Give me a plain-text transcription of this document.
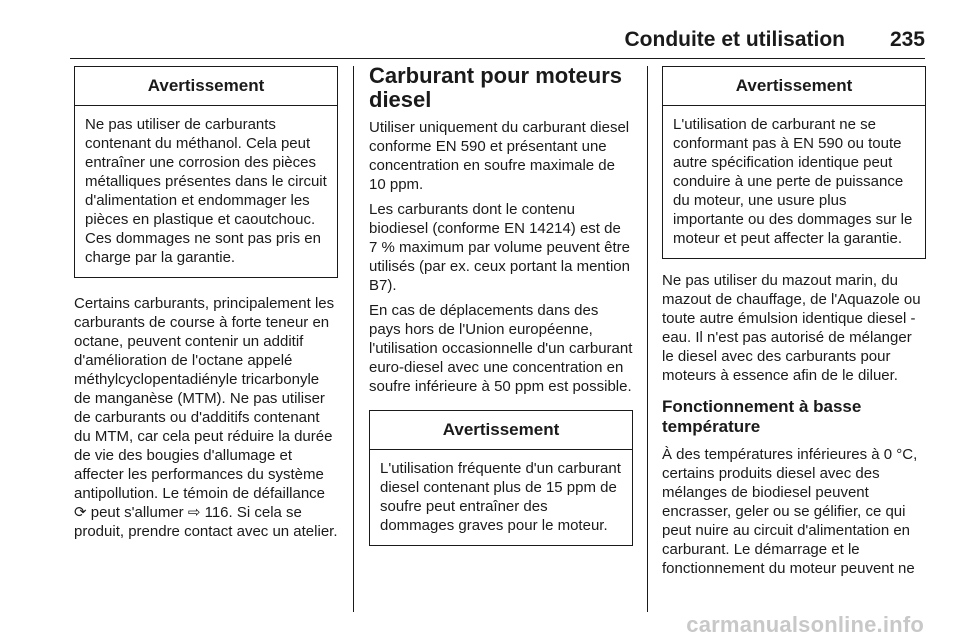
Conduite et utilisation 235
Avertissement
Ne pas utiliser de carburants contenant du méthanol. Cela peut entraîner une corrosion des pièces métalliques présentes dans le circuit d'alimentation et endommager les pièces en plastique et caoutchouc. Ces dommages ne sont pas pris en charge par la garantie.

Certains carburants, principalement les carburants de course à forte teneur en octane, peuvent contenir un additif d'amélioration de l'octane appelé méthylcyclopentadiényle tricarbonyle de manganèse (MTM). Ne pas utiliser de carburants ou d'additifs contenant du MTM, car cela peut réduire la durée de vie des bougies d'allumage et affecter les performances du système antipollution. Le témoin de défaillance ⟳ peut s'allumer ⇨ 116. Si cela se produit, prendre contact avec un atelier.

Carburant pour moteurs diesel

Utiliser uniquement du carburant diesel conforme EN 590 et présentant une concentration en soufre maximale de 10 ppm.

Les carburants dont le contenu biodiesel (conforme EN 14214) est de 7 % maximum par volume peuvent être utilisés (par ex. ceux portant la mention B7).

En cas de déplacements dans des pays hors de l'Union européenne, l'utilisation occasionnelle d'un carburant euro-diesel avec une concentration en soufre inférieure à 50 ppm est possible.

Avertissement
L'utilisation fréquente d'un carburant diesel contenant plus de 15 ppm de soufre peut entraîner des dommages graves pour le moteur.
Avertissement
L'utilisation de carburant ne se conformant pas à EN 590 ou toute autre spécification identique peut conduire à une perte de puissance du moteur, une usure plus importante ou des dommages sur le moteur et peut affecter la garantie.

Ne pas utiliser du mazout marin, du mazout de chauffage, de l'Aquazole ou toute autre émulsion identique diesel -eau. Il n'est pas autorisé de mélanger le diesel avec des carburants pour moteurs à essence afin de le diluer.

Fonctionnement à basse température

À des températures inférieures à 0 °C, certains produits diesel avec des mélanges de biodiesel peuvent encrasser, geler ou se gélifier, ce qui peut nuire au circuit d'alimentation en carburant. Le démarrage et le fonctionnement du moteur peuvent ne

carmanualsonline.info
